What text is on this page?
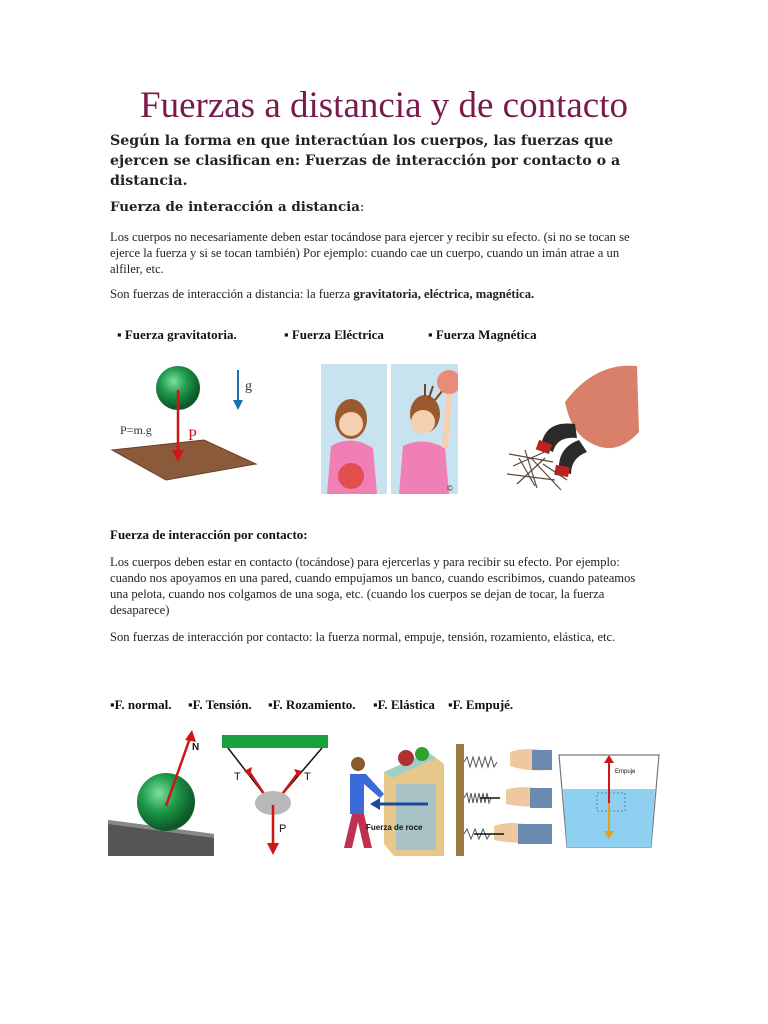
Fuerzas a distancia y de contacto
Según la forma en que interactúan los cuerpos, las fuerzas que ejercen se clasifican en: Fuerzas de interacción por contacto o a distancia.
Fuerza de interacción a distancia:
Los cuerpos no necesariamente deben estar tocándose para ejercer y recibir su efecto. (si no se tocan se ejerce la fuerza y si se tocan también) Por ejemplo: cuando cae un cuerpo, cuando un imán atrae a un alfiler, etc.
Son fuerzas de interacción a distancia: la fuerza gravitatoria, eléctrica, magnética.
▪ Fuerza gravitatoria.	▪ Fuerza Eléctrica	▪ Fuerza Magnética
g
P=m.g P
©
Fuerza de interacción por contacto:
Los cuerpos deben estar en contacto (tocándose) para ejercerlas y para recibir su efecto. Por ejemplo: cuando nos apoyamos en una pared, cuando empujamos un banco, cuando escribimos, cuando pateamos una pelota, cuando nos colgamos de una soga, etc. (cuando los cuerpos se dejan de tocar, la fuerza desaparece)
Son fuerzas de interacción por contacto: la fuerza normal, empuje, tensión, rozamiento, elástica, etc.
▪F. normal. ▪F. Tensión. ▪F. Rozamiento. ▪F. Elástica ▪F. Empujé.
N
T	T
P	Fuerza de roce
Empuje
